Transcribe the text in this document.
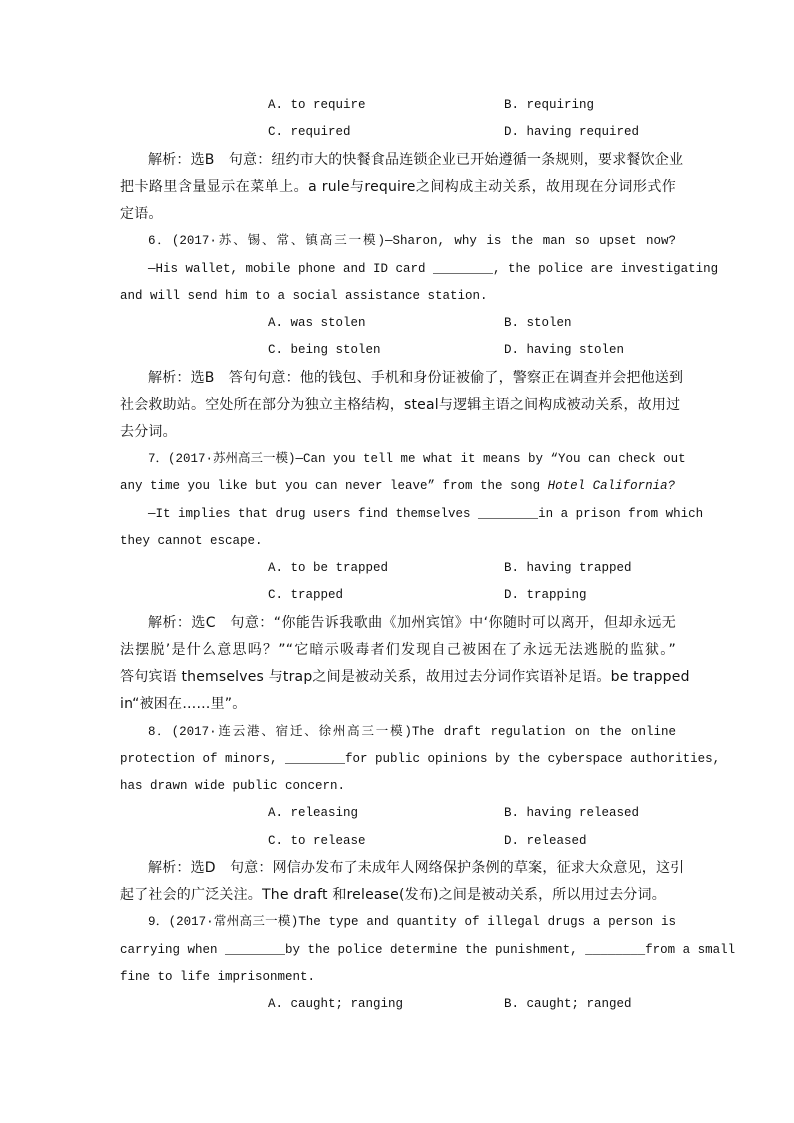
A. to require	B. requiring
C. required	D. having required
解析：选B　句意：纽约市大的快餐食品连锁企业已开始遵循一条规则，要求餐饮企业
把卡路里含量显示在菜单上。a rule与require之间构成主动关系，故用现在分词形式作
定语。
6．(2017·苏、锡、常、镇高三一模)—Sharon, why is the man so upset now?
—His wallet, mobile phone and ID card ________, the police are investigating
and will send him to a social assistance station.
A. was stolen	B. stolen
C. being stolen	D. having stolen
解析：选B　答句句意：他的钱包、手机和身份证被偷了，警察正在调查并会把他送到
社会救助站。空处所在部分为独立主格结构，steal与逻辑主语之间构成被动关系，故用过
去分词。
7．(2017·苏州高三一模)—Can you tell me what it means by “You can check out
any time you like but you can never leave” from the song Hotel California?
—It implies that drug users find themselves ________in a prison from which
they cannot escape.
A. to be trapped	B. having trapped
C. trapped	D. trapping
解析：选C　句意：“你能告诉我歌曲《加州宾馆》中‘你随时可以离开，但却永远无
法摆脱’是什么意思吗？”“它暗示吸毒者们发现自己被困在了永远无法逃脱的监狱。”
答句宾语 themselves 与trap之间是被动关系，故用过去分词作宾语补足语。be trapped
in“被困在……里”。
8．(2017·连云港、宿迁、徐州高三一模)The draft regulation on the online
protection of minors, ________for public opinions by the cyberspace authorities,
has drawn wide public concern.
A. releasing	B. having released
C. to release	D. released
解析：选D　句意：网信办发布了未成年人网络保护条例的草案，征求大众意见，这引
起了社会的广泛关注。The draft 和release(发布)之间是被动关系，所以用过去分词。
9．(2017·常州高三一模)The type and quantity of illegal drugs a person is
carrying when ________by the police determine the punishment, ________from a small
fine to life imprisonment.
A. caught; ranging	B. caught; ranged
